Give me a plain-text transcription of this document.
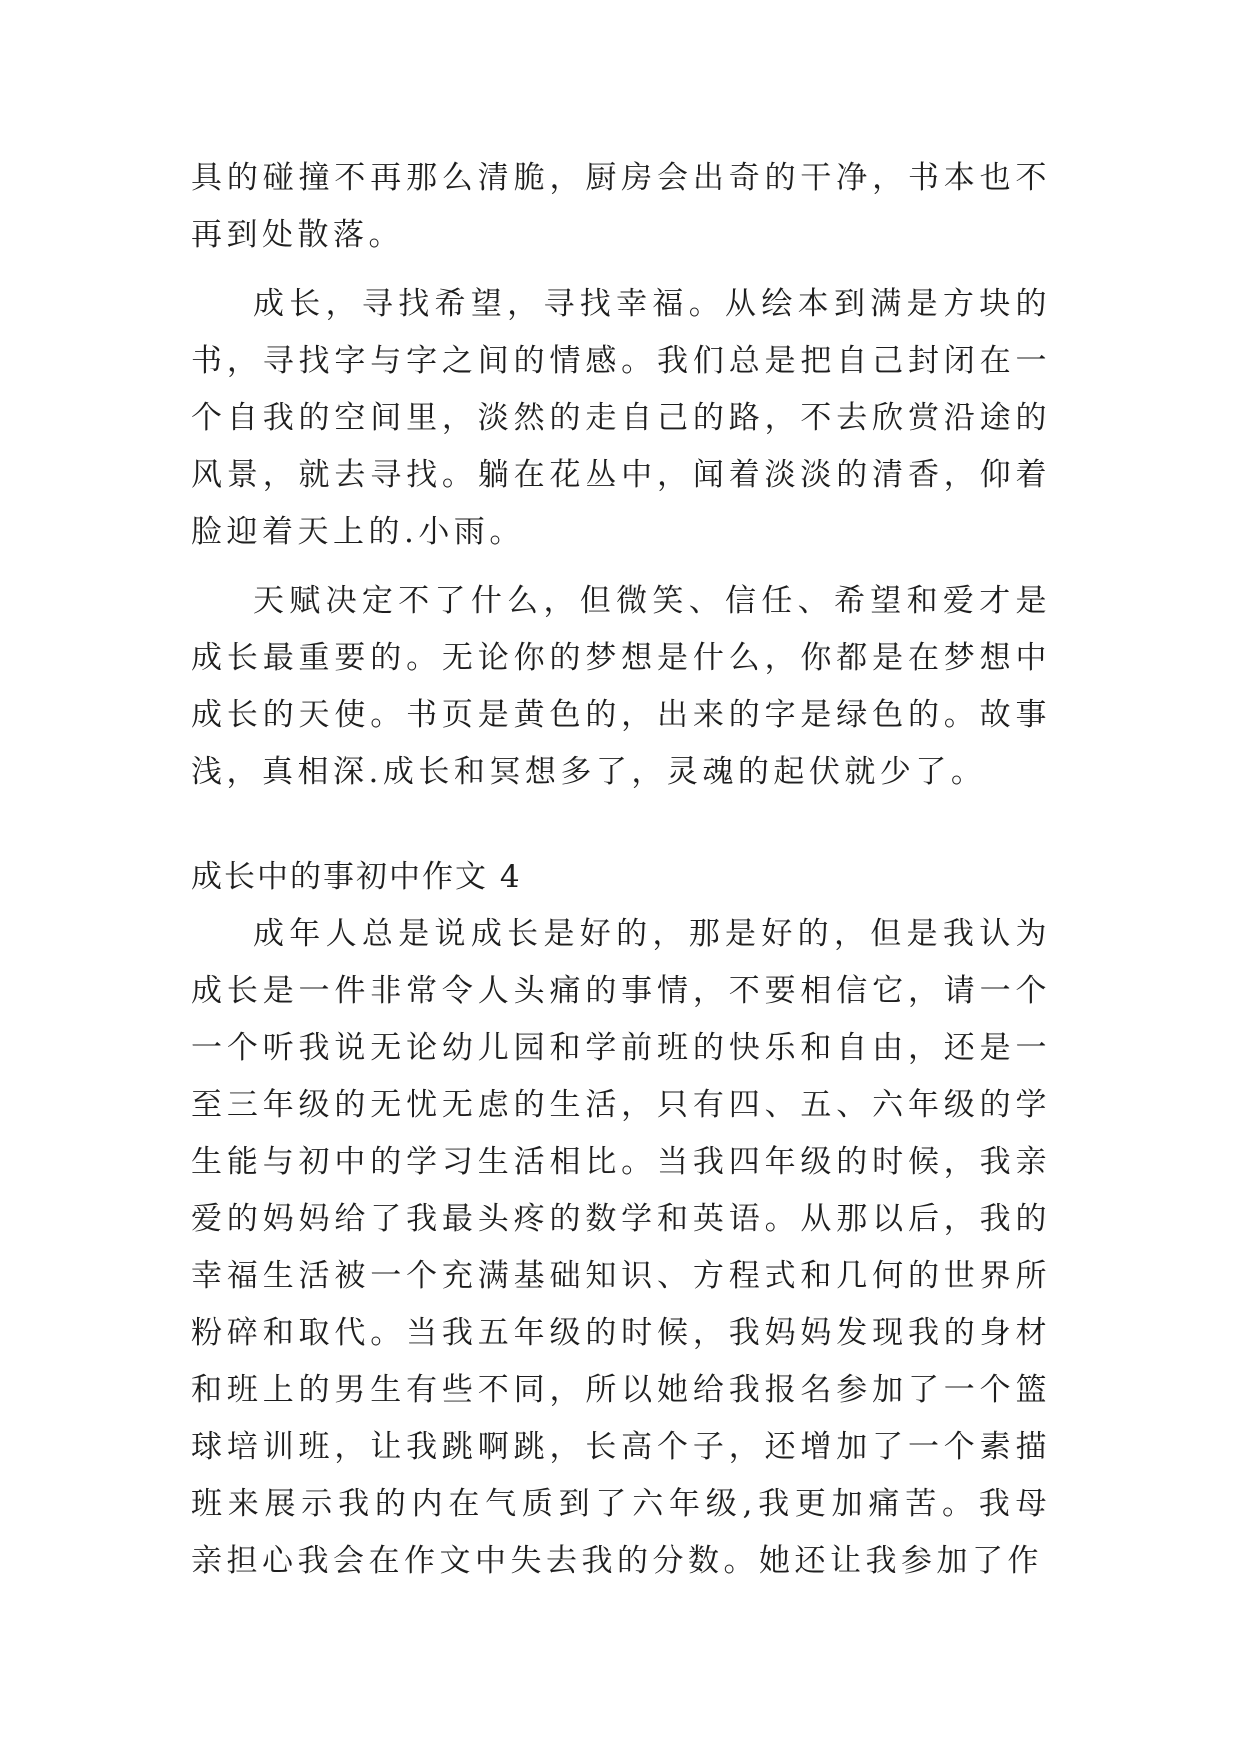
具的碰撞不再那么清脆，厨房会出奇的干净，书本也不再到处散落。

成长，寻找希望，寻找幸福。从绘本到满是方块的书，寻找字与字之间的情感。我们总是把自己封闭在一个自我的空间里，淡然的走自己的路，不去欣赏沿途的风景，就去寻找。躺在花丛中，闻着淡淡的清香，仰着脸迎着天上的.小雨。

天赋决定不了什么，但微笑、信任、希望和爱才是成长最重要的。无论你的梦想是什么，你都是在梦想中成长的天使。书页是黄色的，出来的字是绿色的。故事浅，真相深.成长和冥想多了，灵魂的起伏就少了。

成长中的事初中作文 4

成年人总是说成长是好的，那是好的，但是我认为成长是一件非常令人头痛的事情，不要相信它，请一个一个听我说无论幼儿园和学前班的快乐和自由，还是一至三年级的无忧无虑的生活，只有四、五、六年级的学生能与初中的学习生活相比。当我四年级的时候，我亲爱的妈妈给了我最头疼的数学和英语。从那以后，我的幸福生活被一个充满基础知识、方程式和几何的世界所粉碎和取代。当我五年级的时候，我妈妈发现我的身材和班上的男生有些不同，所以她给我报名参加了一个篮球培训班，让我跳啊跳，长高个子，还增加了一个素描班来展示我的内在气质到了六年级,我更加痛苦。我母亲担心我会在作文中失去我的分数。她还让我参加了作
